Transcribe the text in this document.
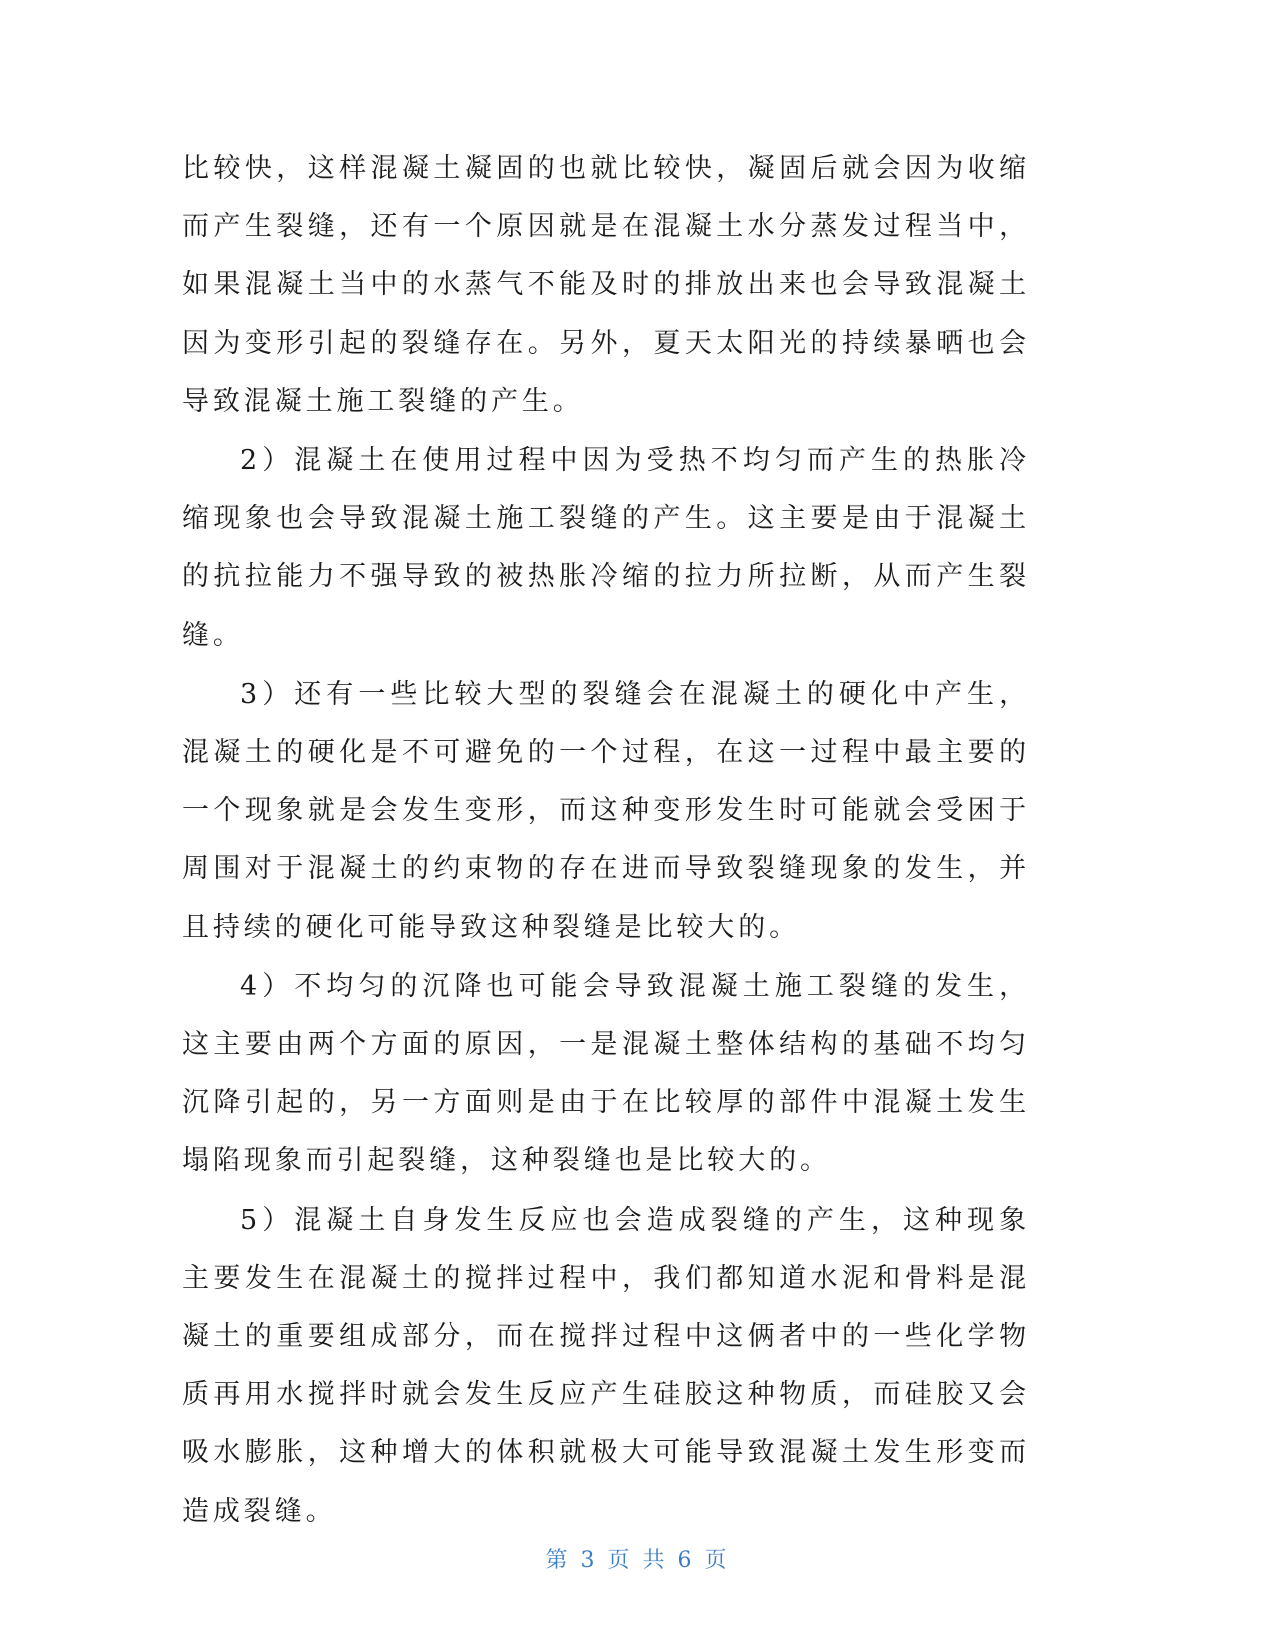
比较快，这样混凝土凝固的也就比较快，凝固后就会因为收缩而产生裂缝，还有一个原因就是在混凝土水分蒸发过程当中，如果混凝土当中的水蒸气不能及时的排放出来也会导致混凝土因为变形引起的裂缝存在。另外，夏天太阳光的持续暴晒也会导致混凝土施工裂缝的产生。

2）混凝土在使用过程中因为受热不均匀而产生的热胀冷缩现象也会导致混凝土施工裂缝的产生。这主要是由于混凝土的抗拉能力不强导致的被热胀冷缩的拉力所拉断，从而产生裂缝。

3）还有一些比较大型的裂缝会在混凝土的硬化中产生，混凝土的硬化是不可避免的一个过程，在这一过程中最主要的一个现象就是会发生变形，而这种变形发生时可能就会受困于周围对于混凝土的约束物的存在进而导致裂缝现象的发生，并且持续的硬化可能导致这种裂缝是比较大的。

4）不均匀的沉降也可能会导致混凝土施工裂缝的发生，这主要由两个方面的原因，一是混凝土整体结构的基础不均匀沉降引起的，另一方面则是由于在比较厚的部件中混凝土发生塌陷现象而引起裂缝，这种裂缝也是比较大的。

5）混凝土自身发生反应也会造成裂缝的产生，这种现象主要发生在混凝土的搅拌过程中，我们都知道水泥和骨料是混凝土的重要组成部分，而在搅拌过程中这俩者中的一些化学物质再用水搅拌时就会发生反应产生硅胶这种物质，而硅胶又会吸水膨胀，这种增大的体积就极大可能导致混凝土发生形变而造成裂缝。

第 3 页 共 6 页
